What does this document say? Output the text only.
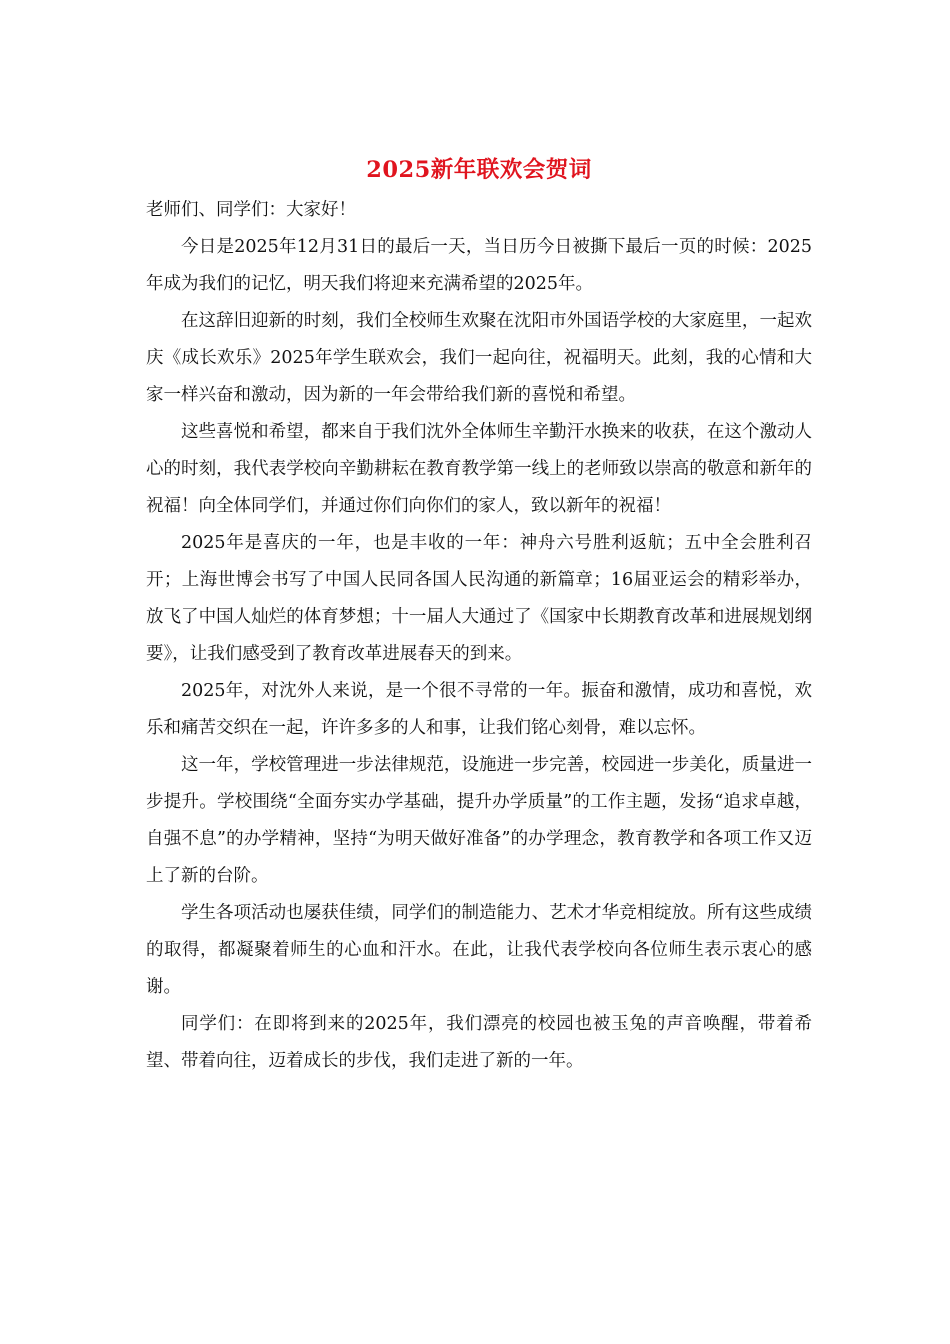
2025新年联欢会贺词

老师们、同学们：大家好！

今日是2025年12月31日的最后一天，当日历今日被撕下最后一页的时候：2025年成为我们的记忆，明天我们将迎来充满希望的2025年。

在这辞旧迎新的时刻，我们全校师生欢聚在沈阳市外国语学校的大家庭里，一起欢庆《成长欢乐》2025年学生联欢会，我们一起向往，祝福明天。此刻，我的心情和大家一样兴奋和激动，因为新的一年会带给我们新的喜悦和希望。

这些喜悦和希望，都来自于我们沈外全体师生辛勤汗水换来的收获，在这个激动人心的时刻，我代表学校向辛勤耕耘在教育教学第一线上的老师致以崇高的敬意和新年的祝福！向全体同学们，并通过你们向你们的家人，致以新年的祝福！

2025年是喜庆的一年，也是丰收的一年：神舟六号胜利返航；五中全会胜利召开；上海世博会书写了中国人民同各国人民沟通的新篇章；16届亚运会的精彩举办，放飞了中国人灿烂的体育梦想；十一届人大通过了《国家中长期教育改革和进展规划纲要》，让我们感受到了教育改革进展春天的到来。

2025年，对沈外人来说，是一个很不寻常的一年。振奋和激情，成功和喜悦，欢乐和痛苦交织在一起，许许多多的人和事，让我们铭心刻骨，难以忘怀。

这一年，学校管理进一步法律规范，设施进一步完善，校园进一步美化，质量进一步提升。学校围绕“全面夯实办学基础，提升办学质量”的工作主题，发扬“追求卓越，自强不息”的办学精神，坚持“为明天做好准备”的办学理念，教育教学和各项工作又迈上了新的台阶。

学生各项活动也屡获佳绩，同学们的制造能力、艺术才华竞相绽放。所有这些成绩的取得，都凝聚着师生的心血和汗水。在此，让我代表学校向各位师生表示衷心的感谢。

同学们：在即将到来的2025年，我们漂亮的校园也被玉兔的声音唤醒，带着希望、带着向往，迈着成长的步伐，我们走进了新的一年。
